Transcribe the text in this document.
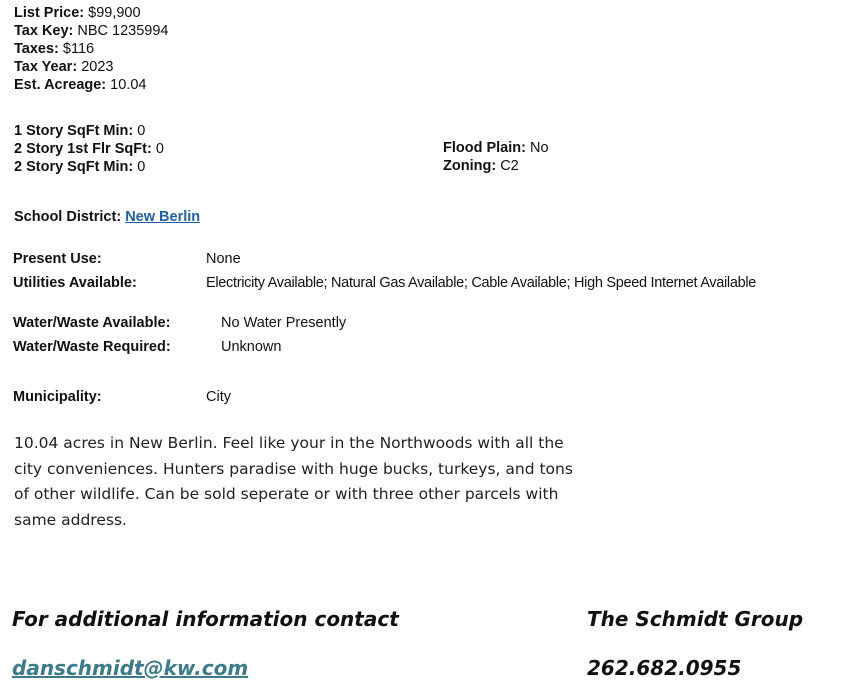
List Price: $99,900
Tax Key: NBC 1235994
Taxes: $116
Tax Year: 2023
Est. Acreage: 10.04
1 Story SqFt Min: 0
2 Story 1st Flr SqFt: 0
2 Story SqFt Min: 0
Flood Plain: No
Zoning: C2
School District: New Berlin
Present Use:	None
Utilities Available:	Electricity Available; Natural Gas Available; Cable Available; High Speed Internet Available
Water/Waste Available:	No Water Presently
Water/Waste Required:	Unknown
Municipality:	City
10.04 acres in New Berlin. Feel like your in the Northwoods with all the city conveniences. Hunters paradise with huge bucks, turkeys, and tons of other wildlife. Can be sold seperate or with three other parcels with same address.
For additional information contact	The Schmidt Group
danschmidt@kw.com	262.682.0955
